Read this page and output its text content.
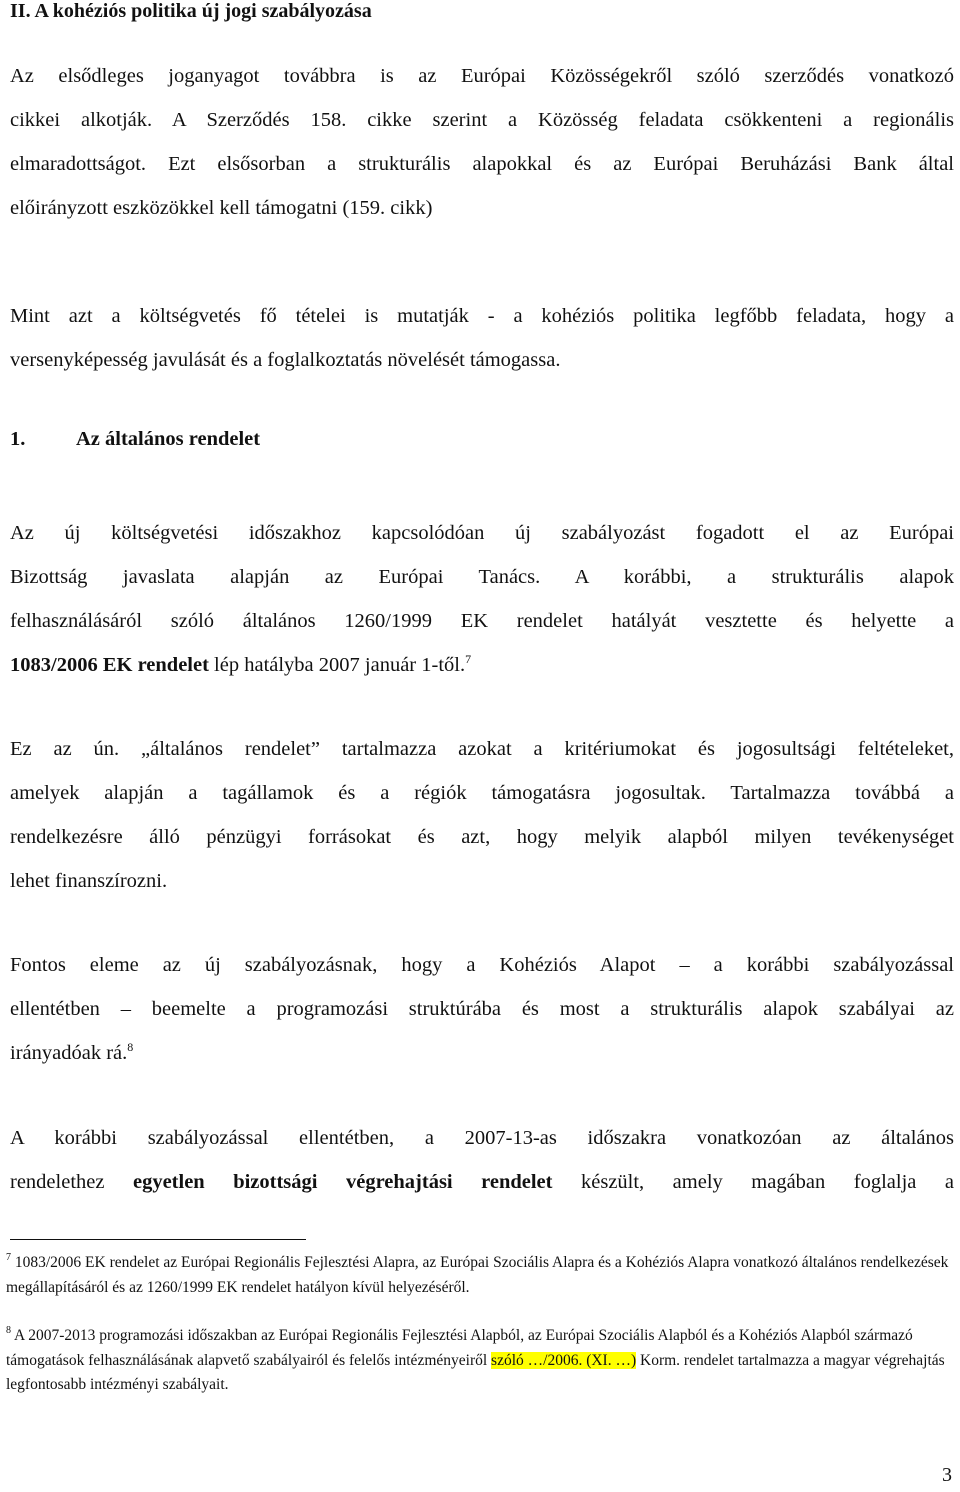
II. A kohéziós politika új jogi szabályozása
Az elsődleges joganyagot továbbra is az Európai Közösségekről szóló szerződés vonatkozó
cikkei alkotják. A Szerződés 158. cikke szerint a Közösség feladata csökkenteni a regionális
elmaradottságot. Ezt elsősorban a strukturális alapokkal és az Európai Beruházási Bank által
előirányzott eszközökkel kell támogatni (159. cikk)
Mint azt a költségvetés fő tételei is mutatják - a kohéziós politika legfőbb feladata, hogy a
versenyképesség javulását és a foglalkoztatás növelését támogassa.
1. Az általános rendelet
Az új költségvetési időszakhoz kapcsolódóan új szabályozást fogadott el az Európai
Bizottság javaslata alapján az Európai Tanács. A korábbi, a strukturális alapok
felhasználásáról szóló általános 1260/1999 EK rendelet hatályát vesztette és helyette a
1083/2006 EK rendelet lép hatályba 2007 január 1-től.$^7$
Ez az ún. „általános rendelet” tartalmazza azokat a kritériumokat és jogosultsági feltételeket,
amelyek alapján a tagállamok és a régiók támogatásra jogosultak. Tartalmazza továbbá a
rendelkezésre álló pénzügyi forrásokat és azt, hogy melyik alapból milyen tevékenységet
lehet finanszírozni.
Fontos eleme az új szabályozásnak, hogy a Kohéziós Alapot – a korábbi szabályozással
ellentétben – beemelte a programozási struktúrába és most a strukturális alapok szabályai az
irányadóak rá.$^8$
A korábbi szabályozással ellentétben, a 2007-13-as időszakra vonatkozóan az általános
rendelethez egyetlen bizottsági végrehajtási rendelet készült, amely magában foglalja a

$^7$ 1083/2006 EK rendelet az Európai Regionális Fejlesztési Alapra, az Európai Szociális Alapra és a Kohéziós Alapra vonatkozó általános rendelkezések megállapításáról és az 1260/1999 EK rendelet hatályon kívül helyezéséről.

$^8$ A 2007-2013 programozási időszakban az Európai Regionális Fejlesztési Alapból, az Európai Szociális Alapból és a Kohéziós Alapból származó támogatások felhasználásának alapvető szabályairól és felelős intézményeiről szóló …/2006. (XI. …) Korm. rendelet tartalmazza a magyar végrehajtás legfontosabb intézményi szabályait.

3
